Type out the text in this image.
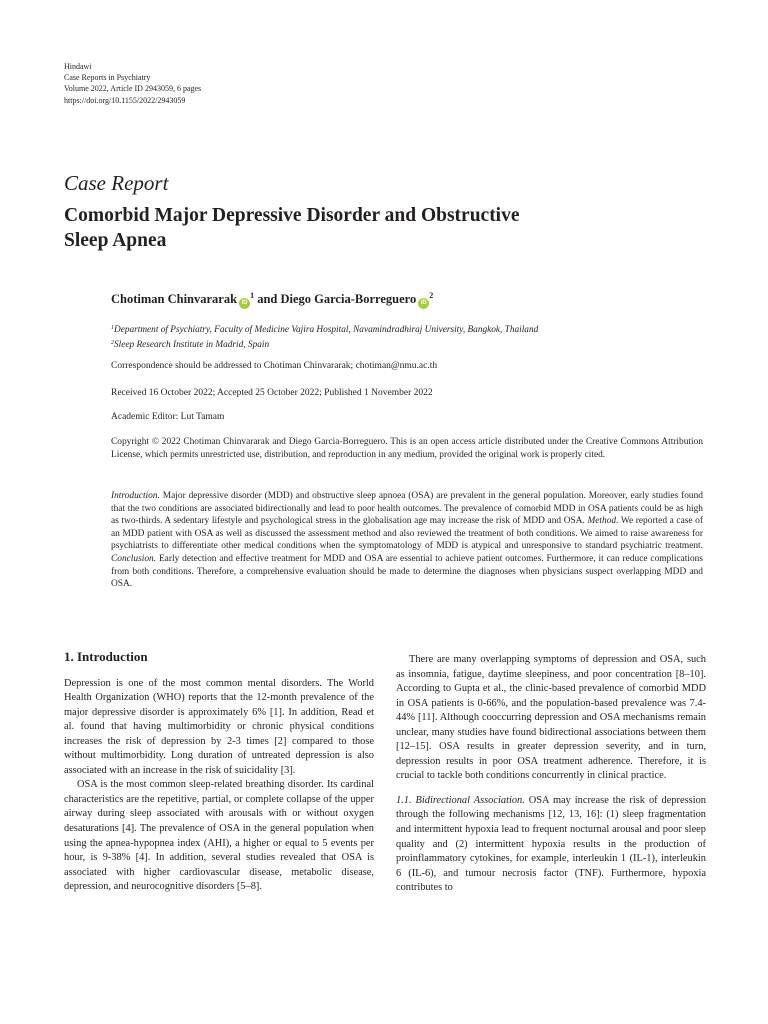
Hindawi
Case Reports in Psychiatry
Volume 2022, Article ID 2943059, 6 pages
https://doi.org/10.1155/2022/2943059
Case Report
Comorbid Major Depressive Disorder and Obstructive
Sleep Apnea
Chotiman Chinvararak $iD^1$ and Diego Garcia-Borreguero $iD^2$
$^1$Department of Psychiatry, Faculty of Medicine Vajira Hospital, Navamindradhiraj University, Bangkok, Thailand
$^2$Sleep Research Institute in Madrid, Spain
Correspondence should be addressed to Chotiman Chinvararak; chotiman@nmu.ac.th
Received 16 October 2022; Accepted 25 October 2022; Published 1 November 2022
Academic Editor: Lut Tamam

Copyright © 2022 Chotiman Chinvararak and Diego Garcia-Borreguero. This is an open access article distributed under the Creative Commons Attribution License, which permits unrestricted use, distribution, and reproduction in any medium, provided the original work is properly cited.

Introduction. Major depressive disorder (MDD) and obstructive sleep apnoea (OSA) are prevalent in the general population. Moreover, early studies found that the two conditions are associated bidirectionally and lead to poor health outcomes. The prevalence of comorbid MDD in OSA patients could be as high as two-thirds. A sedentary lifestyle and psychological stress in the globalisation age may increase the risk of MDD and OSA. Method. We reported a case of an MDD patient with OSA as well as discussed the assessment method and also reviewed the treatment of both conditions. We aimed to raise awareness for psychiatrists to differentiate other medical conditions when the symptomatology of MDD is atypical and unresponsive to standard psychiatric treatment. Conclusion. Early detection and effective treatment for MDD and OSA are essential to achieve patient outcomes. Furthermore, it can reduce complications from both conditions. Therefore, a comprehensive evaluation should be made to determine the diagnoses when physicians suspect overlapping MDD and OSA.

1. Introduction

Depression is one of the most common mental disorders. The World Health Organization (WHO) reports that the 12-month prevalence of the major depressive disorder is approximately 6% [1]. In addition, Read et al. found that having multimorbidity or chronic physical conditions increases the risk of depression by 2-3 times [2] compared to those without multimorbidity. Long duration of untreated depression is also associated with an increase in the risk of suicidality [3].

OSA is the most common sleep-related breathing disorder. Its cardinal characteristics are the repetitive, partial, or complete collapse of the upper airway during sleep associated with arousals with or without oxygen desaturations [4]. The prevalence of OSA in the general population when using the apnea-hypopnea index (AHI), a higher or equal to 5 events per hour, is 9-38% [4]. In addition, several studies revealed that OSA is associated with higher cardiovascular disease, metabolic disease, depression, and neurocognitive disorders [5–8].

There are many overlapping symptoms of depression and OSA, such as insomnia, fatigue, daytime sleepiness, and poor concentration [8–10]. According to Gupta et al., the clinic-based prevalence of comorbid MDD in OSA patients is 0-66%, and the population-based prevalence was 7.4-44% [11]. Although cooccurring depression and OSA mechanisms remain unclear, many studies have found bidirectional associations between them [12–15]. OSA results in greater depression severity, and in turn, depression results in poor OSA treatment adherence. Therefore, it is crucial to tackle both conditions concurrently in clinical practice.

1.1. Bidirectional Association. OSA may increase the risk of depression through the following mechanisms [12, 13, 16]: (1) sleep fragmentation and intermittent hypoxia lead to frequent nocturnal arousal and poor sleep quality and (2) intermittent hypoxia results in the production of proinflammatory cytokines, for example, interleukin 1 (IL-1), interleukin 6 (IL-6), and tumour necrosis factor (TNF). Furthermore, hypoxia contributes to
